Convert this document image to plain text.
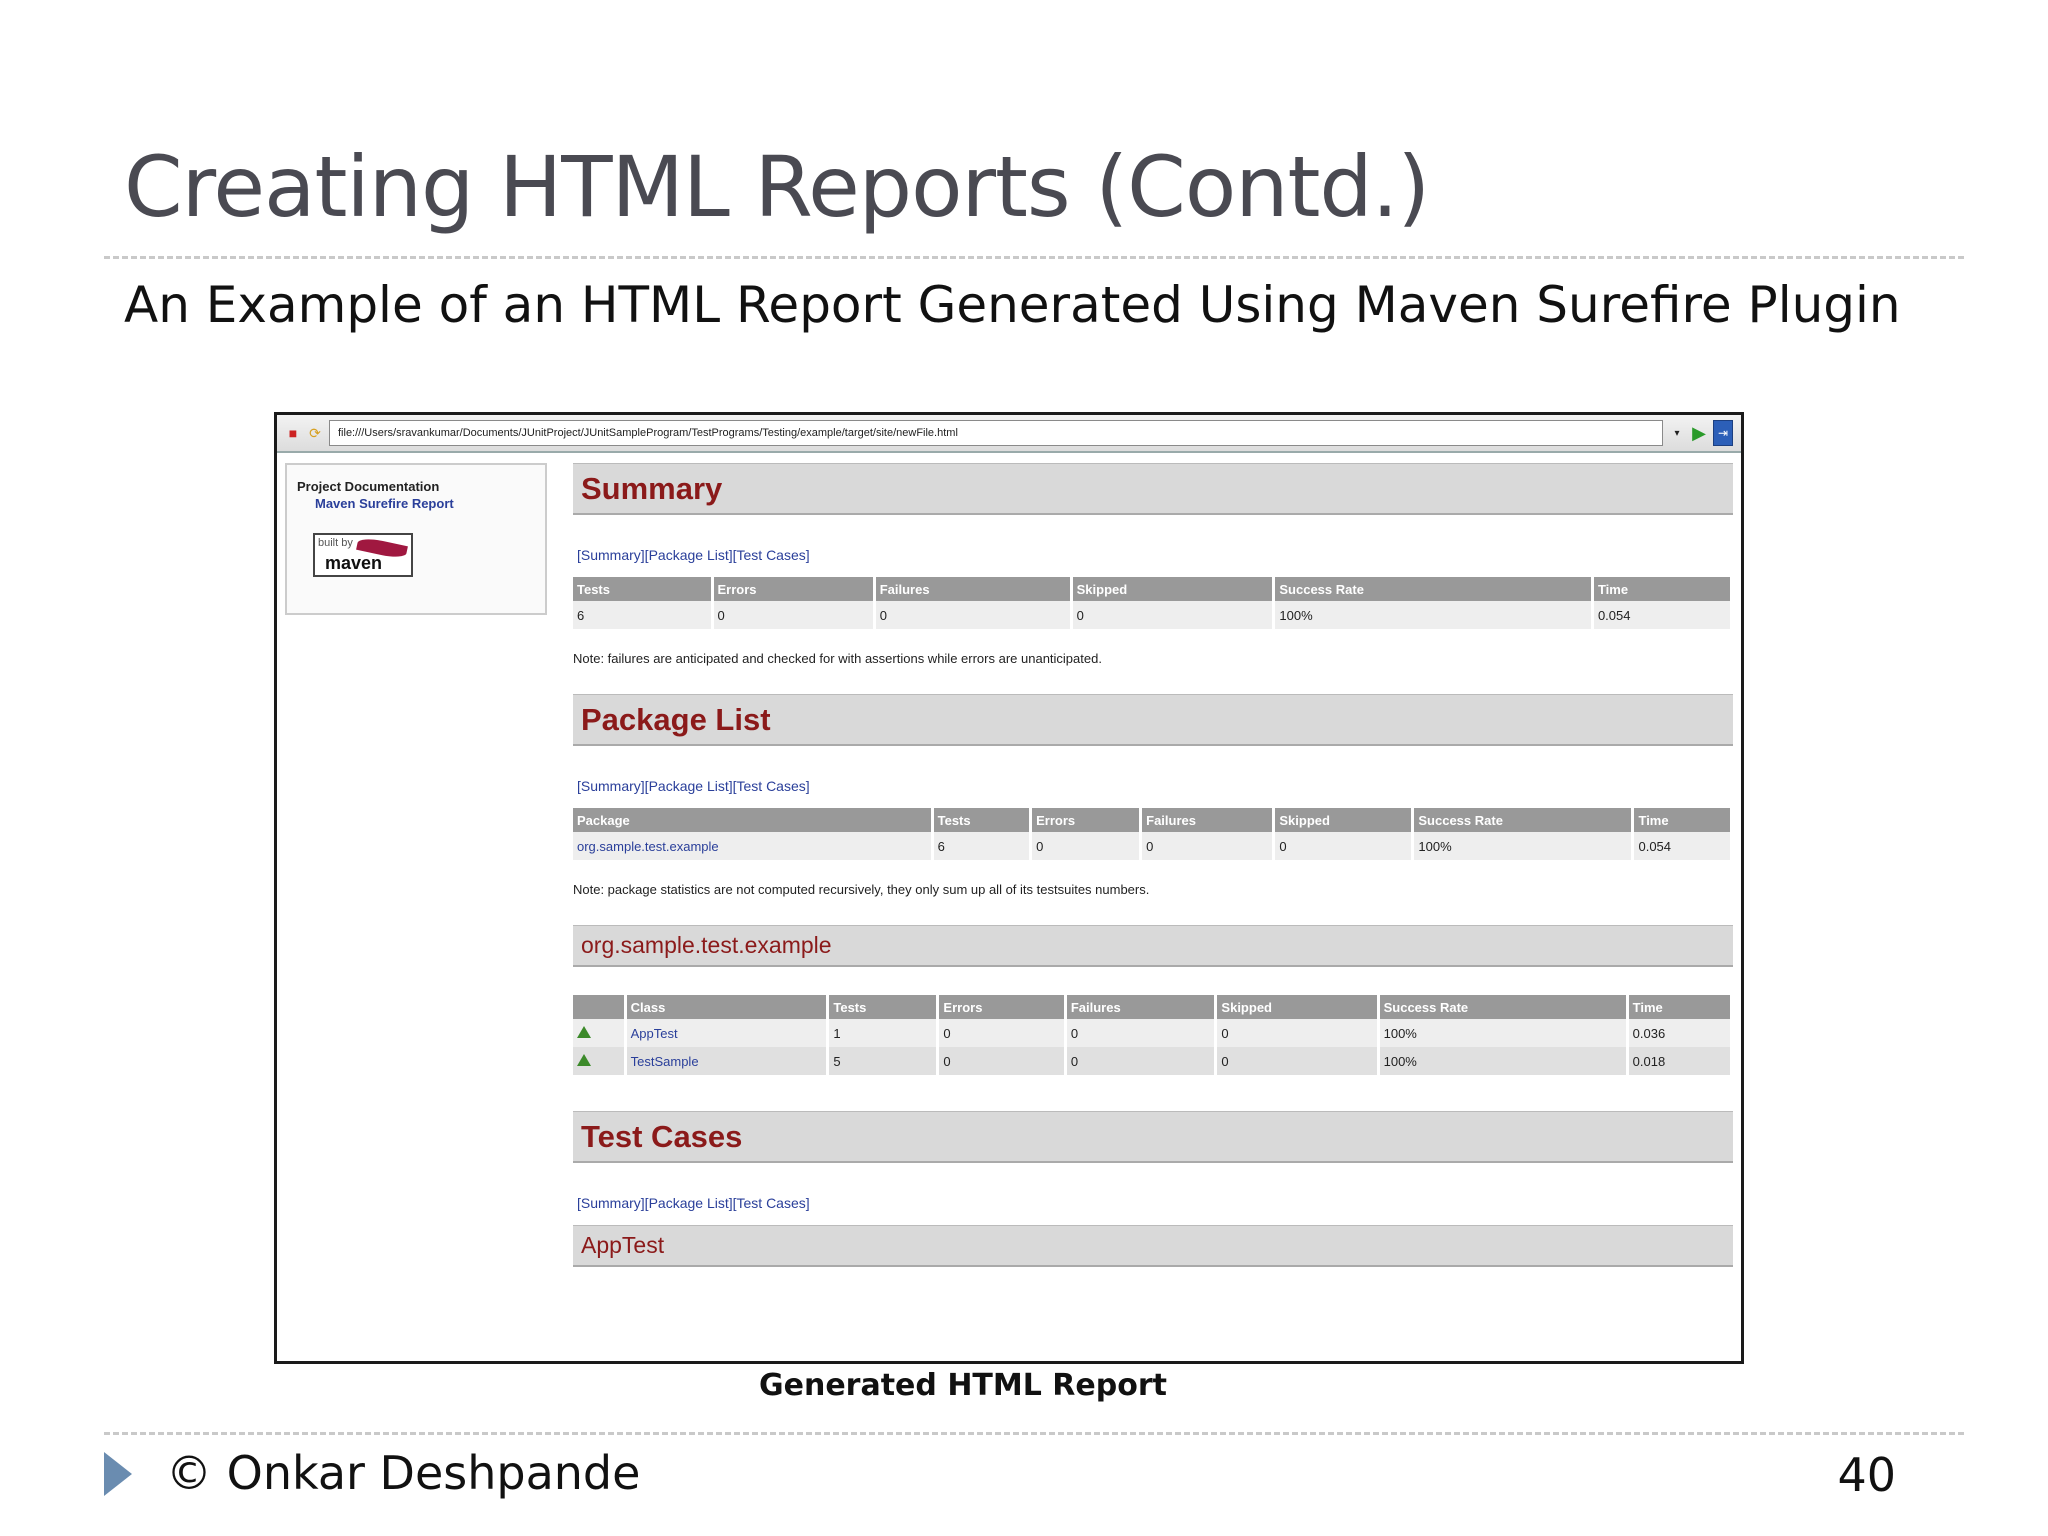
Creating HTML Reports (Contd.)
An Example of an HTML Report Generated Using Maven Surefire Plugin
■ ⟳ file:///Users/sravankumar/Documents/JUnitProject/JUnitSampleProgram/TestPrograms/Testing/example/target/site/newFile.html	▾ ▶	⇥
Project Documentation
Maven Surefire Report
built by
maven
Summary
[Summary][Package List][Test Cases]
Tests	Errors	Failures	Skipped	Success Rate	Time
6	0	0	0	100%	0.054
Note: failures are anticipated and checked for with assertions while errors are unanticipated.
Package List
[Summary][Package List][Test Cases]
Package	Tests	Errors	Failures	Skipped	Success Rate	Time
org.sample.test.example	6	0	0	0	100%	0.054
Note: package statistics are not computed recursively, they only sum up all of its testsuites numbers.
org.sample.test.example
	Class	Tests	Errors	Failures	Skipped	Success Rate	Time
	AppTest	1	0	0	0	100%	0.036
	TestSample	5	0	0	0	100%	0.018
Test Cases
[Summary][Package List][Test Cases]
AppTest
Generated HTML Report
© Onkar Deshpande	40
